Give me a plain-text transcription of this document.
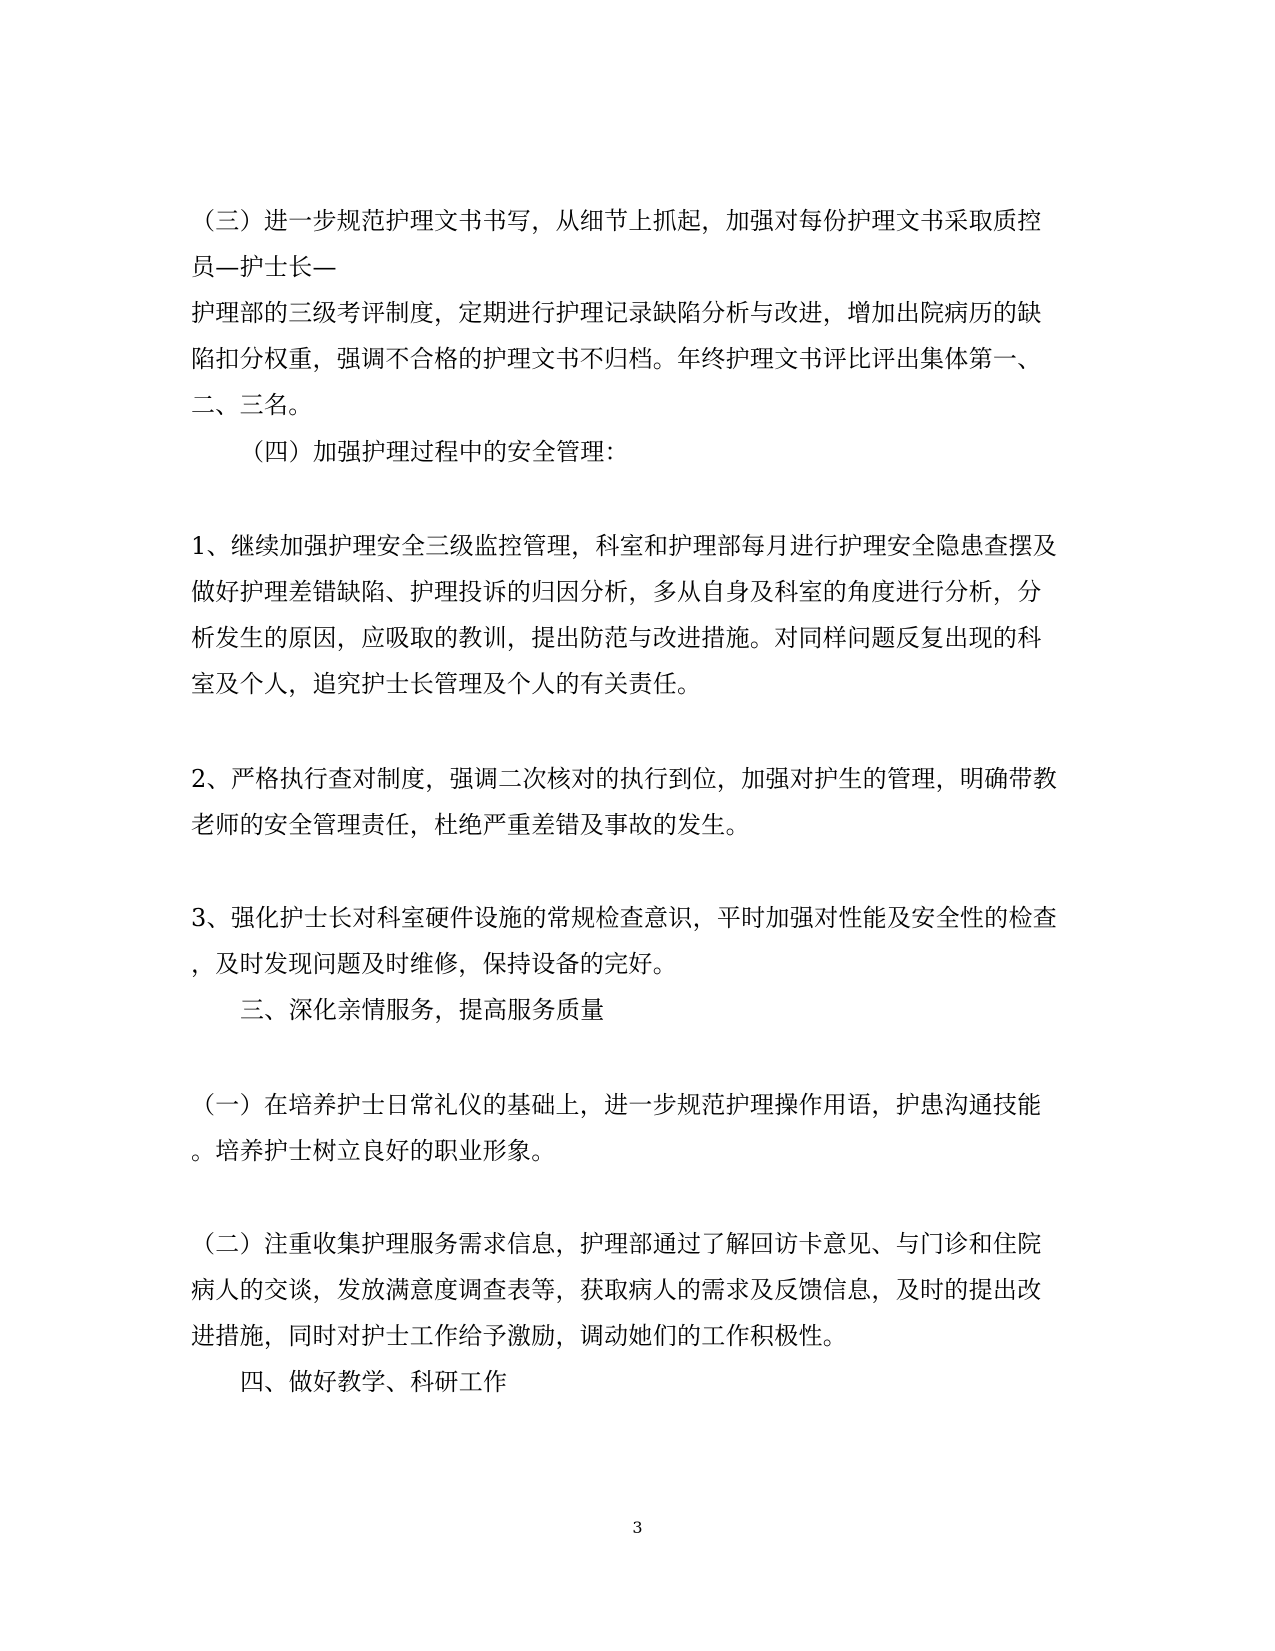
（三）进一步规范护理文书书写，从细节上抓起，加强对每份护理文书采取质控

员—护士长—

护理部的三级考评制度，定期进行护理记录缺陷分析与改进，增加出院病历的缺

陷扣分权重，强调不合格的护理文书不归档。年终护理文书评比评出集体第一、

二、三名。

（四）加强护理过程中的安全管理：

1、继续加强护理安全三级监控管理，科室和护理部每月进行护理安全隐患查摆及

做好护理差错缺陷、护理投诉的归因分析，多从自身及科室的角度进行分析，分

析发生的原因，应吸取的教训，提出防范与改进措施。对同样问题反复出现的科

室及个人，追究护士长管理及个人的有关责任。

2、严格执行查对制度，强调二次核对的执行到位，加强对护生的管理，明确带教

老师的安全管理责任，杜绝严重差错及事故的发生。

3、强化护士长对科室硬件设施的常规检查意识，平时加强对性能及安全性的检查

，及时发现问题及时维修，保持设备的完好。

三、深化亲情服务，提高服务质量

（一）在培养护士日常礼仪的基础上，进一步规范护理操作用语，护患沟通技能

。培养护士树立良好的职业形象。

（二）注重收集护理服务需求信息，护理部通过了解回访卡意见、与门诊和住院

病人的交谈，发放满意度调查表等，获取病人的需求及反馈信息，及时的提出改

进措施，同时对护士工作给予激励，调动她们的工作积极性。

四、做好教学、科研工作

3
